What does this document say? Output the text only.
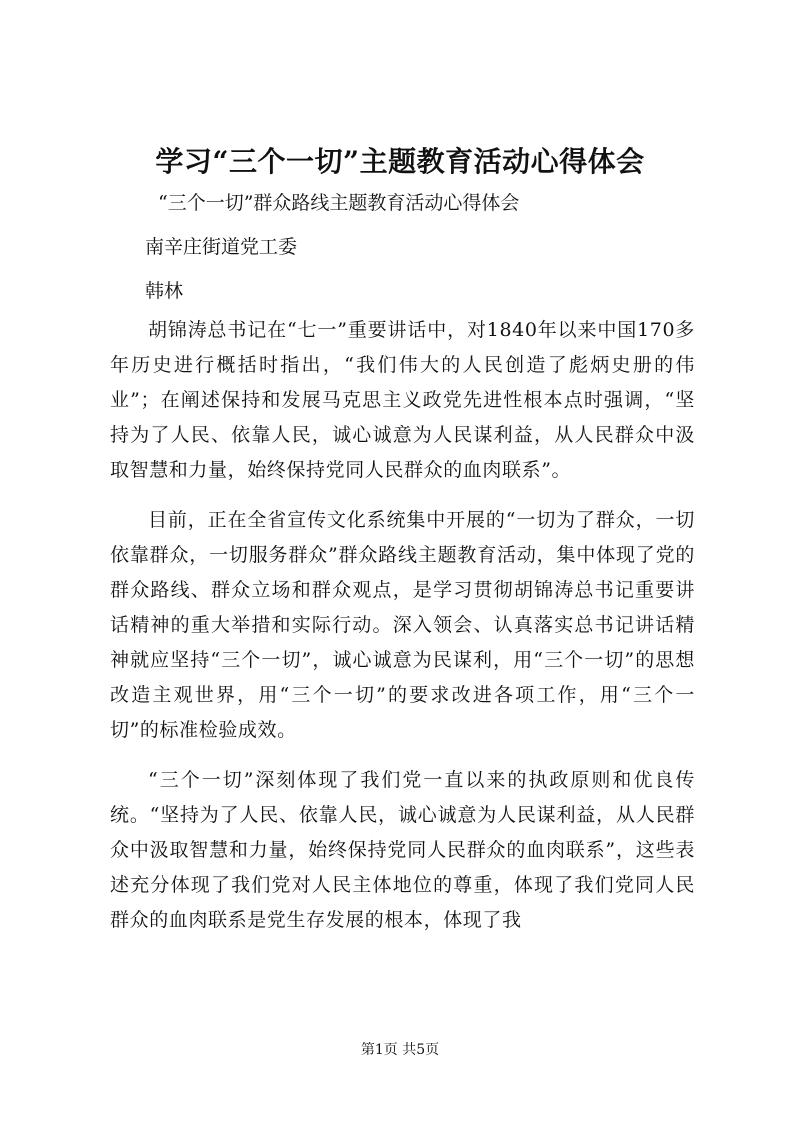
学习“三个一切”主题教育活动心得体会
“三个一切”群众路线主题教育活动心得体会
南辛庄街道党工委
韩林

胡锦涛总书记在“七一”重要讲话中，对1840年以来中国170多年历史进行概括时指出，“我们伟大的人民创造了彪炳史册的伟业”；在阐述保持和发展马克思主义政党先进性根本点时强调，“坚持为了人民、依靠人民，诚心诚意为人民谋利益，从人民群众中汲取智慧和力量，始终保持党同人民群众的血肉联系”。

目前，正在全省宣传文化系统集中开展的“一切为了群众，一切依靠群众，一切服务群众”群众路线主题教育活动，集中体现了党的群众路线、群众立场和群众观点，是学习贯彻胡锦涛总书记重要讲话精神的重大举措和实际行动。深入领会、认真落实总书记讲话精神就应坚持“三个一切”，诚心诚意为民谋利，用“三个一切”的思想改造主观世界，用“三个一切”的要求改进各项工作，用“三个一切”的标准检验成效。

“三个一切”深刻体现了我们党一直以来的执政原则和优良传统。“坚持为了人民、依靠人民，诚心诚意为人民谋利益，从人民群众中汲取智慧和力量，始终保持党同人民群众的血肉联系”，这些表述充分体现了我们党对人民主体地位的尊重，体现了我们党同人民群众的血肉联系是党生存发展的根本，体现了我

第1页 共5页
